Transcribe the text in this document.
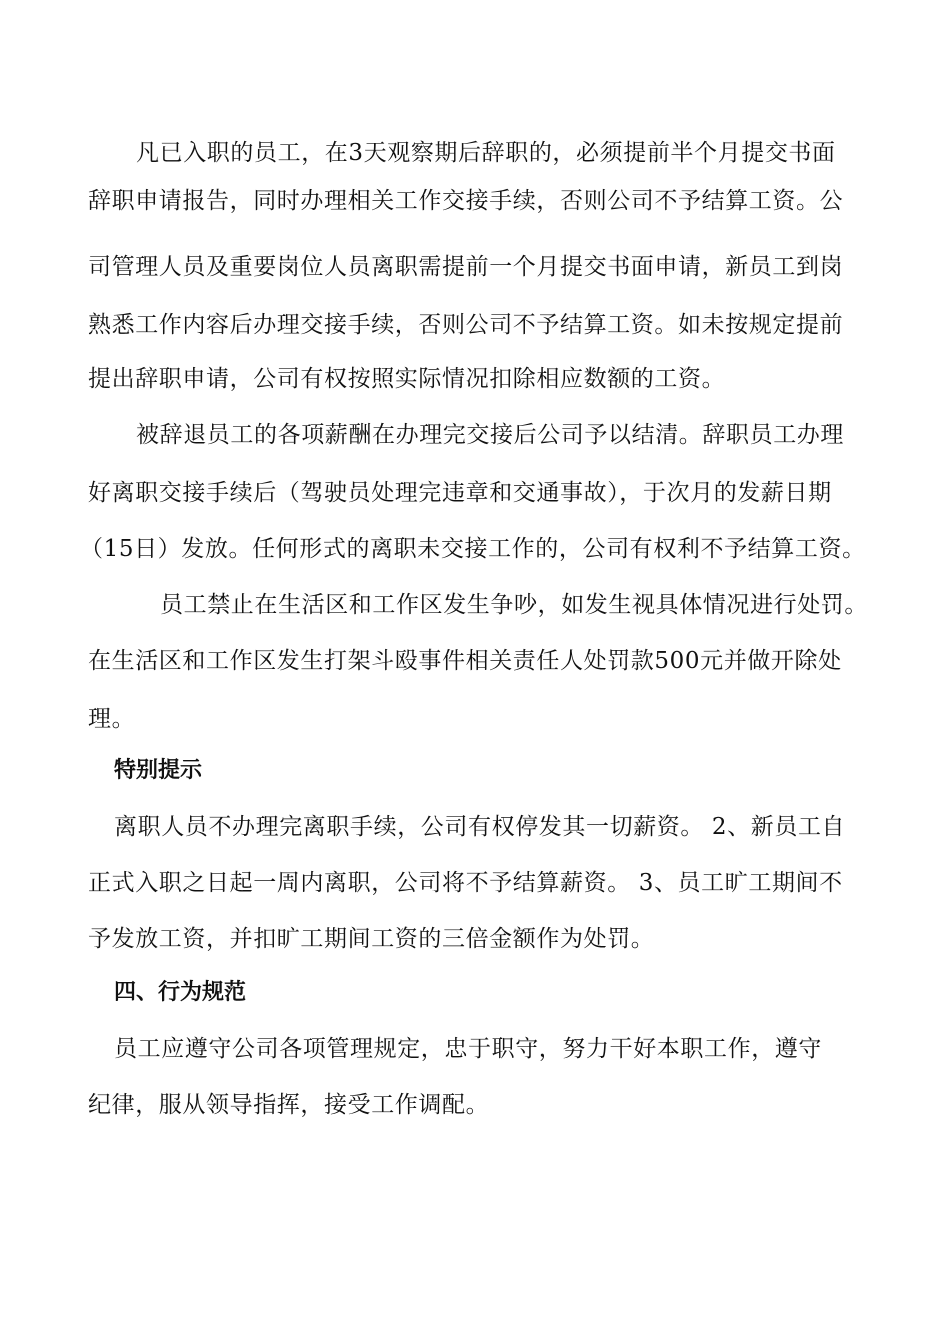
凡已入职的员工，在3天观察期后辞职的，必须提前半个月提交书面
辞职申请报告，同时办理相关工作交接手续，否则公司不予结算工资。公
司管理人员及重要岗位人员离职需提前一个月提交书面申请，新员工到岗
熟悉工作内容后办理交接手续，否则公司不予结算工资。如未按规定提前
提出辞职申请，公司有权按照实际情况扣除相应数额的工资。
被辞退员工的各项薪酬在办理完交接后公司予以结清。辞职员工办理
好离职交接手续后（驾驶员处理完违章和交通事故），于次月的发薪日期
（15日）发放。任何形式的离职未交接工作的，公司有权利不予结算工资。
员工禁止在生活区和工作区发生争吵，如发生视具体情况进行处罚。
在生活区和工作区发生打架斗殴事件相关责任人处罚款500元并做开除处
理。
特别提示
离职人员不办理完离职手续，公司有权停发其一切薪资。 2、新员工自
正式入职之日起一周内离职，公司将不予结算薪资。 3、员工旷工期间不
予发放工资，并扣旷工期间工资的三倍金额作为处罚。
四、行为规范
员工应遵守公司各项管理规定，忠于职守，努力干好本职工作，遵守
纪律，服从领导指挥，接受工作调配。
